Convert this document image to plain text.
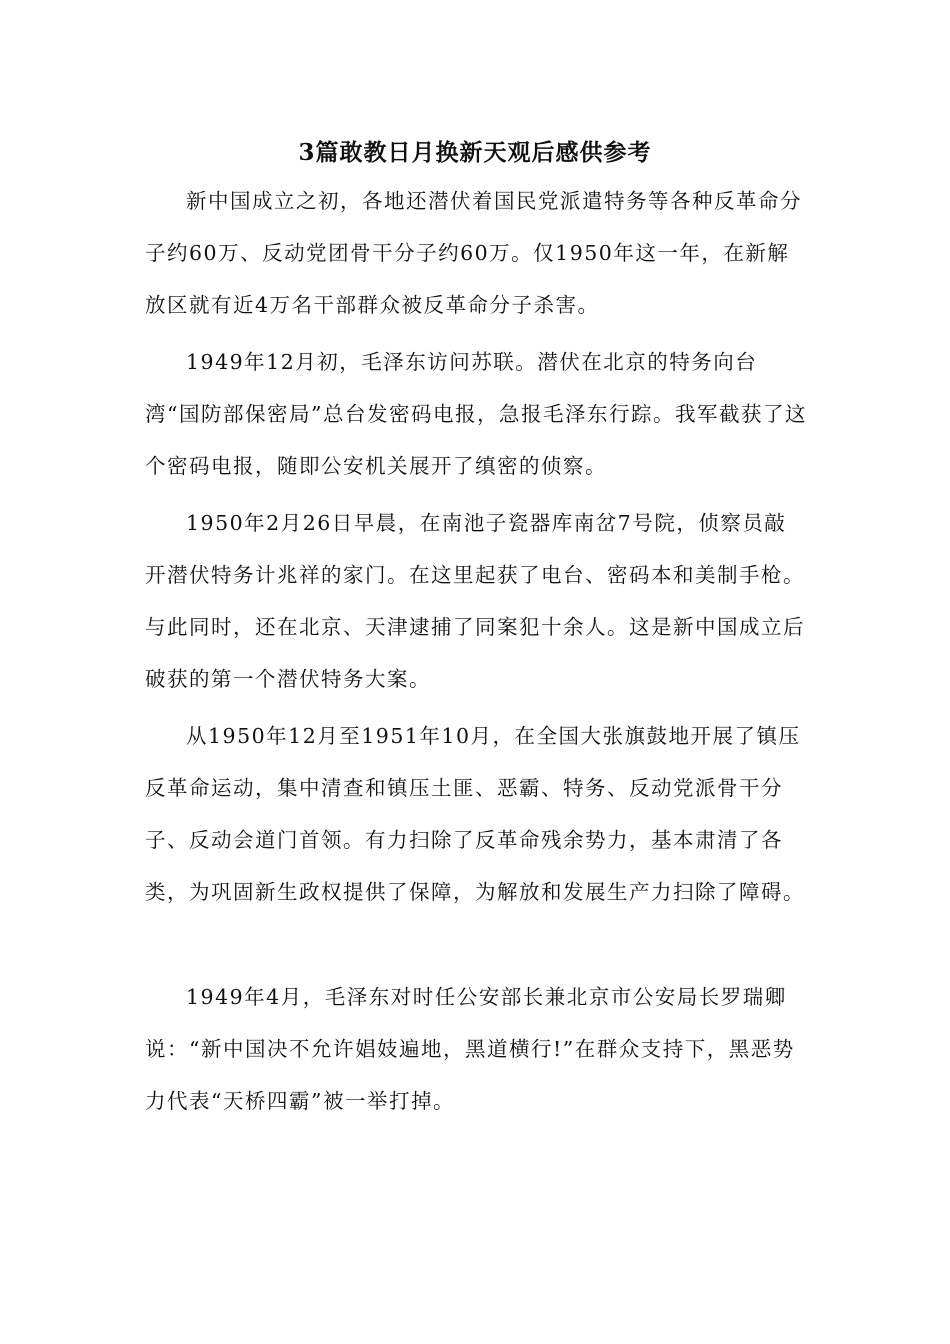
3篇敢教日月换新天观后感供参考

新中国成立之初，各地还潜伏着国民党派遣特务等各种反革命分子约60万、反动党团骨干分子约60万。仅1950年这一年，在新解放区就有近4万名干部群众被反革命分子杀害。

1949年12月初，毛泽东访问苏联。潜伏在北京的特务向台湾“国防部保密局”总台发密码电报，急报毛泽东行踪。我军截获了这个密码电报，随即公安机关展开了缜密的侦察。

1950年2月26日早晨，在南池子瓷器库南岔7号院，侦察员敲开潜伏特务计兆祥的家门。在这里起获了电台、密码本和美制手枪。与此同时，还在北京、天津逮捕了同案犯十余人。这是新中国成立后破获的第一个潜伏特务大案。

从1950年12月至1951年10月，在全国大张旗鼓地开展了镇压反革命运动，集中清查和镇压土匪、恶霸、特务、反动党派骨干分子、反动会道门首领。有力扫除了反革命残余势力，基本肃清了各类，为巩固新生政权提供了保障，为解放和发展生产力扫除了障碍。

1949年4月，毛泽东对时任公安部长兼北京市公安局长罗瑞卿说：“新中国决不允许娼妓遍地，黑道横行!”在群众支持下，黑恶势力代表“天桥四霸”被一举打掉。
